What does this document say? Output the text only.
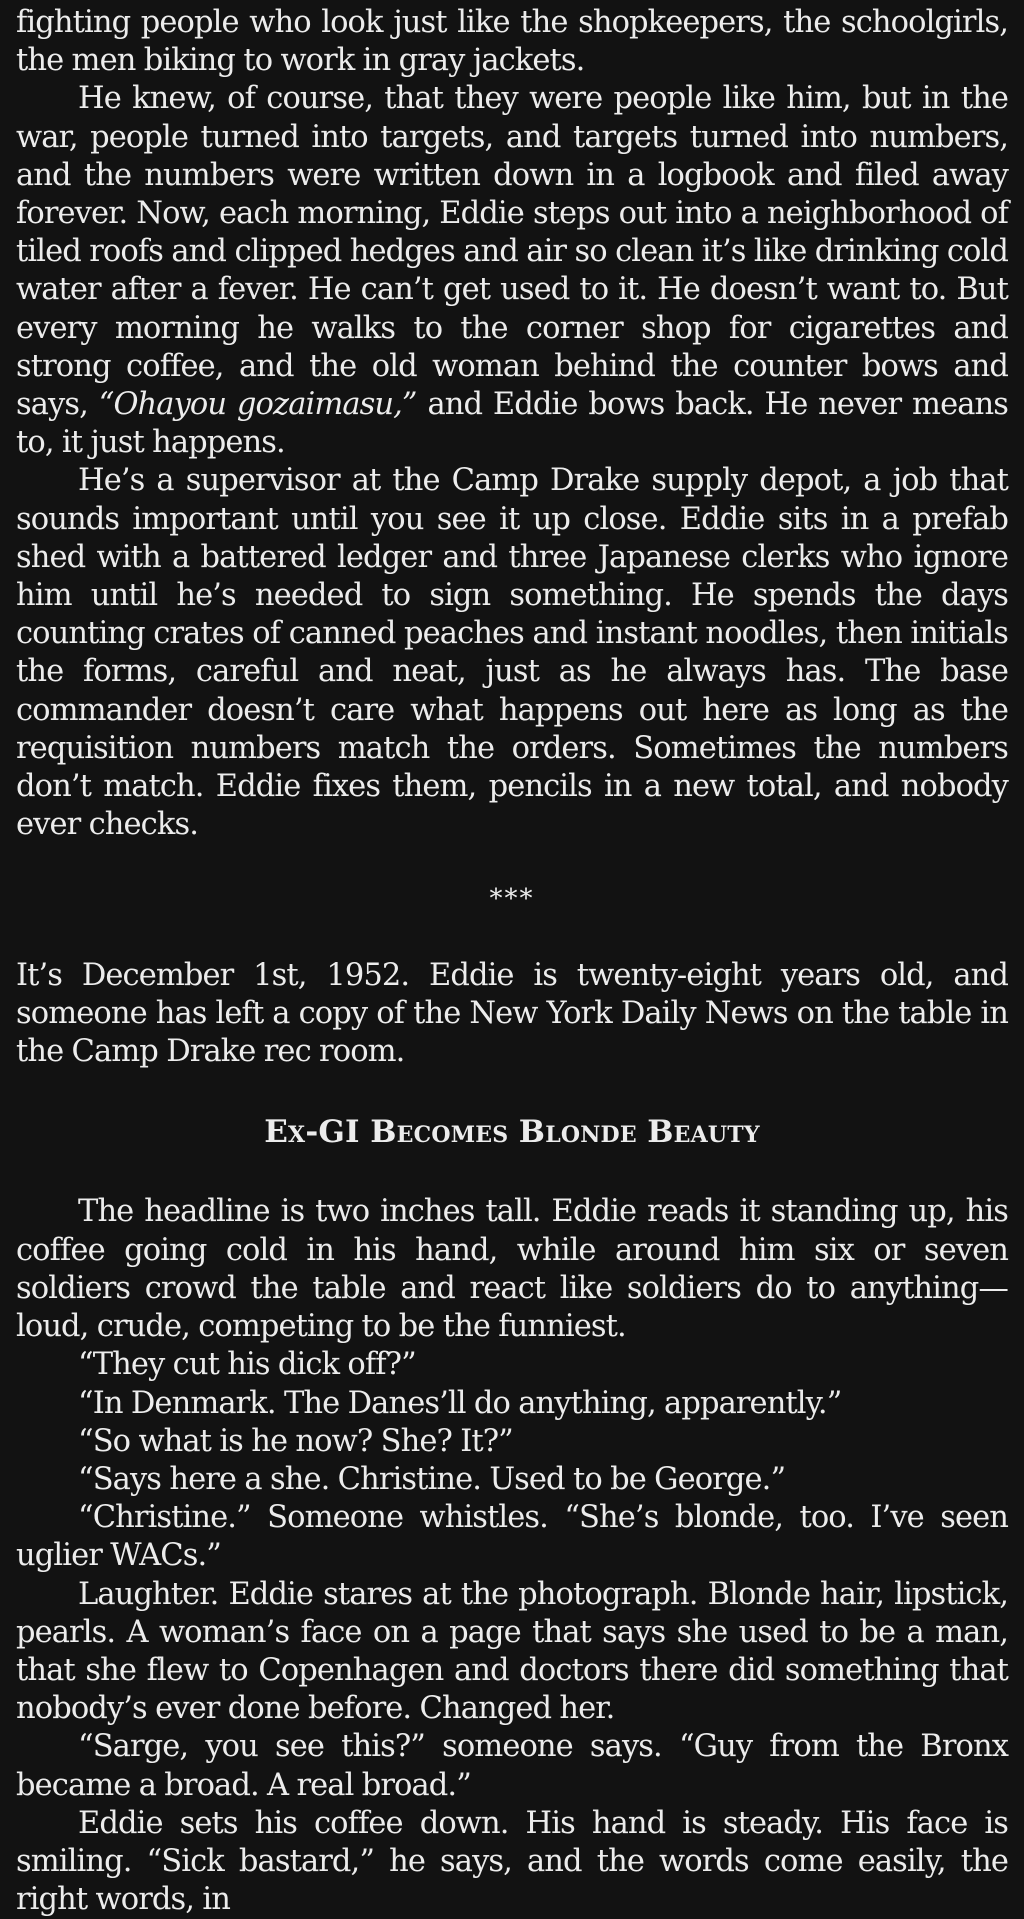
fighting people who look just like the shopkeepers, the schoolgirls, the men biking to work in gray jackets.

He knew, of course, that they were people like him, but in the war, people turned into targets, and targets turned into numbers, and the numbers were written down in a logbook and filed away forever. Now, each morning, Eddie steps out into a neighborhood of tiled roofs and clipped hedges and air so clean it’s like drinking cold water after a fever. He can’t get used to it. He doesn’t want to. But every morning he walks to the corner shop for cigarettes and strong coffee, and the old woman behind the counter bows and says, “Ohayou gozaimasu,” and Eddie bows back. He never means to, it just happens.

He’s a supervisor at the Camp Drake supply depot, a job that sounds important until you see it up close. Eddie sits in a prefab shed with a battered ledger and three Japanese clerks who ignore him until he’s needed to sign something. He spends the days counting crates of canned peaches and instant noodles, then initials the forms, careful and neat, just as he always has. The base commander doesn’t care what happens out here as long as the requisition numbers match the orders. Sometimes the numbers don’t match. Eddie fixes them, pencils in a new total, and nobody ever checks.

***

It’s December 1st, 1952. Eddie is twenty-eight years old, and someone has left a copy of the New York Daily News on the table in the Camp Drake rec room.

Ex-GI Becomes Blonde Beauty

The headline is two inches tall. Eddie reads it standing up, his coffee going cold in his hand, while around him six or seven soldiers crowd the table and react like soldiers do to anything—loud, crude, competing to be the funniest.

“They cut his dick off?”

“In Denmark. The Danes’ll do anything, apparently.”

“So what is he now? She? It?”

“Says here a she. Christine. Used to be George.”

“Christine.” Someone whistles. “She’s blonde, too. I’ve seen uglier WACs.”

Laughter. Eddie stares at the photograph. Blonde hair, lipstick, pearls. A woman’s face on a page that says she used to be a man, that she flew to Copenhagen and doctors there did something that nobody’s ever done before. Changed her.

“Sarge, you see this?” someone says. “Guy from the Bronx became a broad. A real broad.”

Eddie sets his coffee down. His hand is steady. His face is smiling. “Sick bastard,” he says, and the words come easily, the right words, in
